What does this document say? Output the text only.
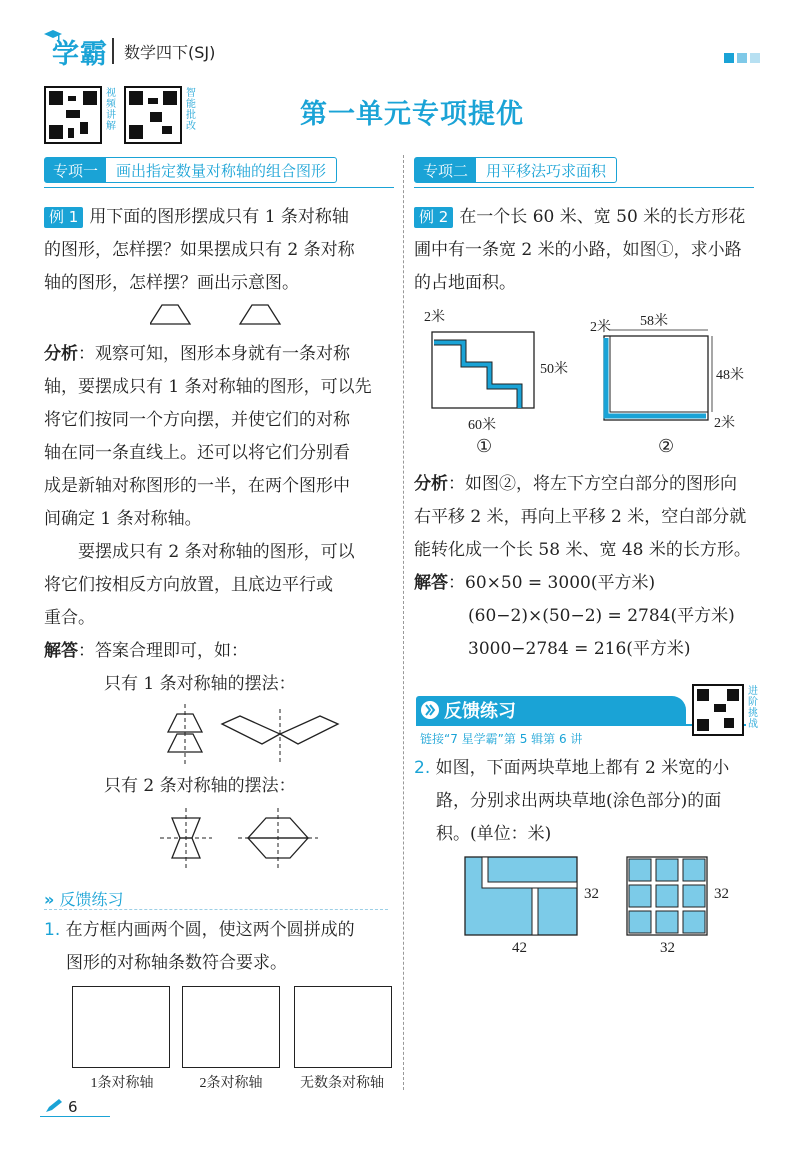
学霸 数学四下(SJ)
视频讲解
智能批改	第一单元专项提优
专项一	画出指定数量对称轴的组合图形	专项二	用平移法巧求面积
例 1 用下面的图形摆成只有 1 条对称轴
的图形，怎样摆？如果摆成只有 2 条对称
轴的图形，怎样摆？画出示意图。
分析：观察可知，图形本身就有一条对称
轴，要摆成只有 1 条对称轴的图形，可以先
将它们按同一个方向摆，并使它们的对称
轴在同一条直线上。还可以将它们分别看
成是新轴对称图形的一半，在两个图形中
间确定 1 条对称轴。
要摆成只有 2 条对称轴的图形，可以
将它们按相反方向放置，且底边平行或
重合。
解答：答案合理即可，如：
只有 1 条对称轴的摆法：
只有 2 条对称轴的摆法：
» 反馈练习
1. 在方框内画两个圆，使这两个圆拼成的
图形的对称轴条数符合要求。
1条对称轴	2条对称轴	无数条对称轴
例 2 在一个长 60 米、宽 50 米的长方形花
圃中有一条宽 2 米的小路，如图①，求小路
的占地面积。
2米
50米
60米
①
2米 58米
48米
2米
②
分析：如图②，将左下方空白部分的图形向
右平移 2 米，再向上平移 2 米，空白部分就
能转化成一个长 58 米、宽 48 米的长方形。
解答：60×50 = 3000(平方米)
(60−2)×(50−2) = 2784(平方米)
3000−2784 = 216(平方米)
反馈练习
链接“7 星学霸”第 5 辑第 6 讲
进阶挑战
2. 如图，下面两块草地上都有 2 米宽的小
路，分别求出两块草地(涂色部分)的面
积。(单位：米)
32
42
32
32
6
